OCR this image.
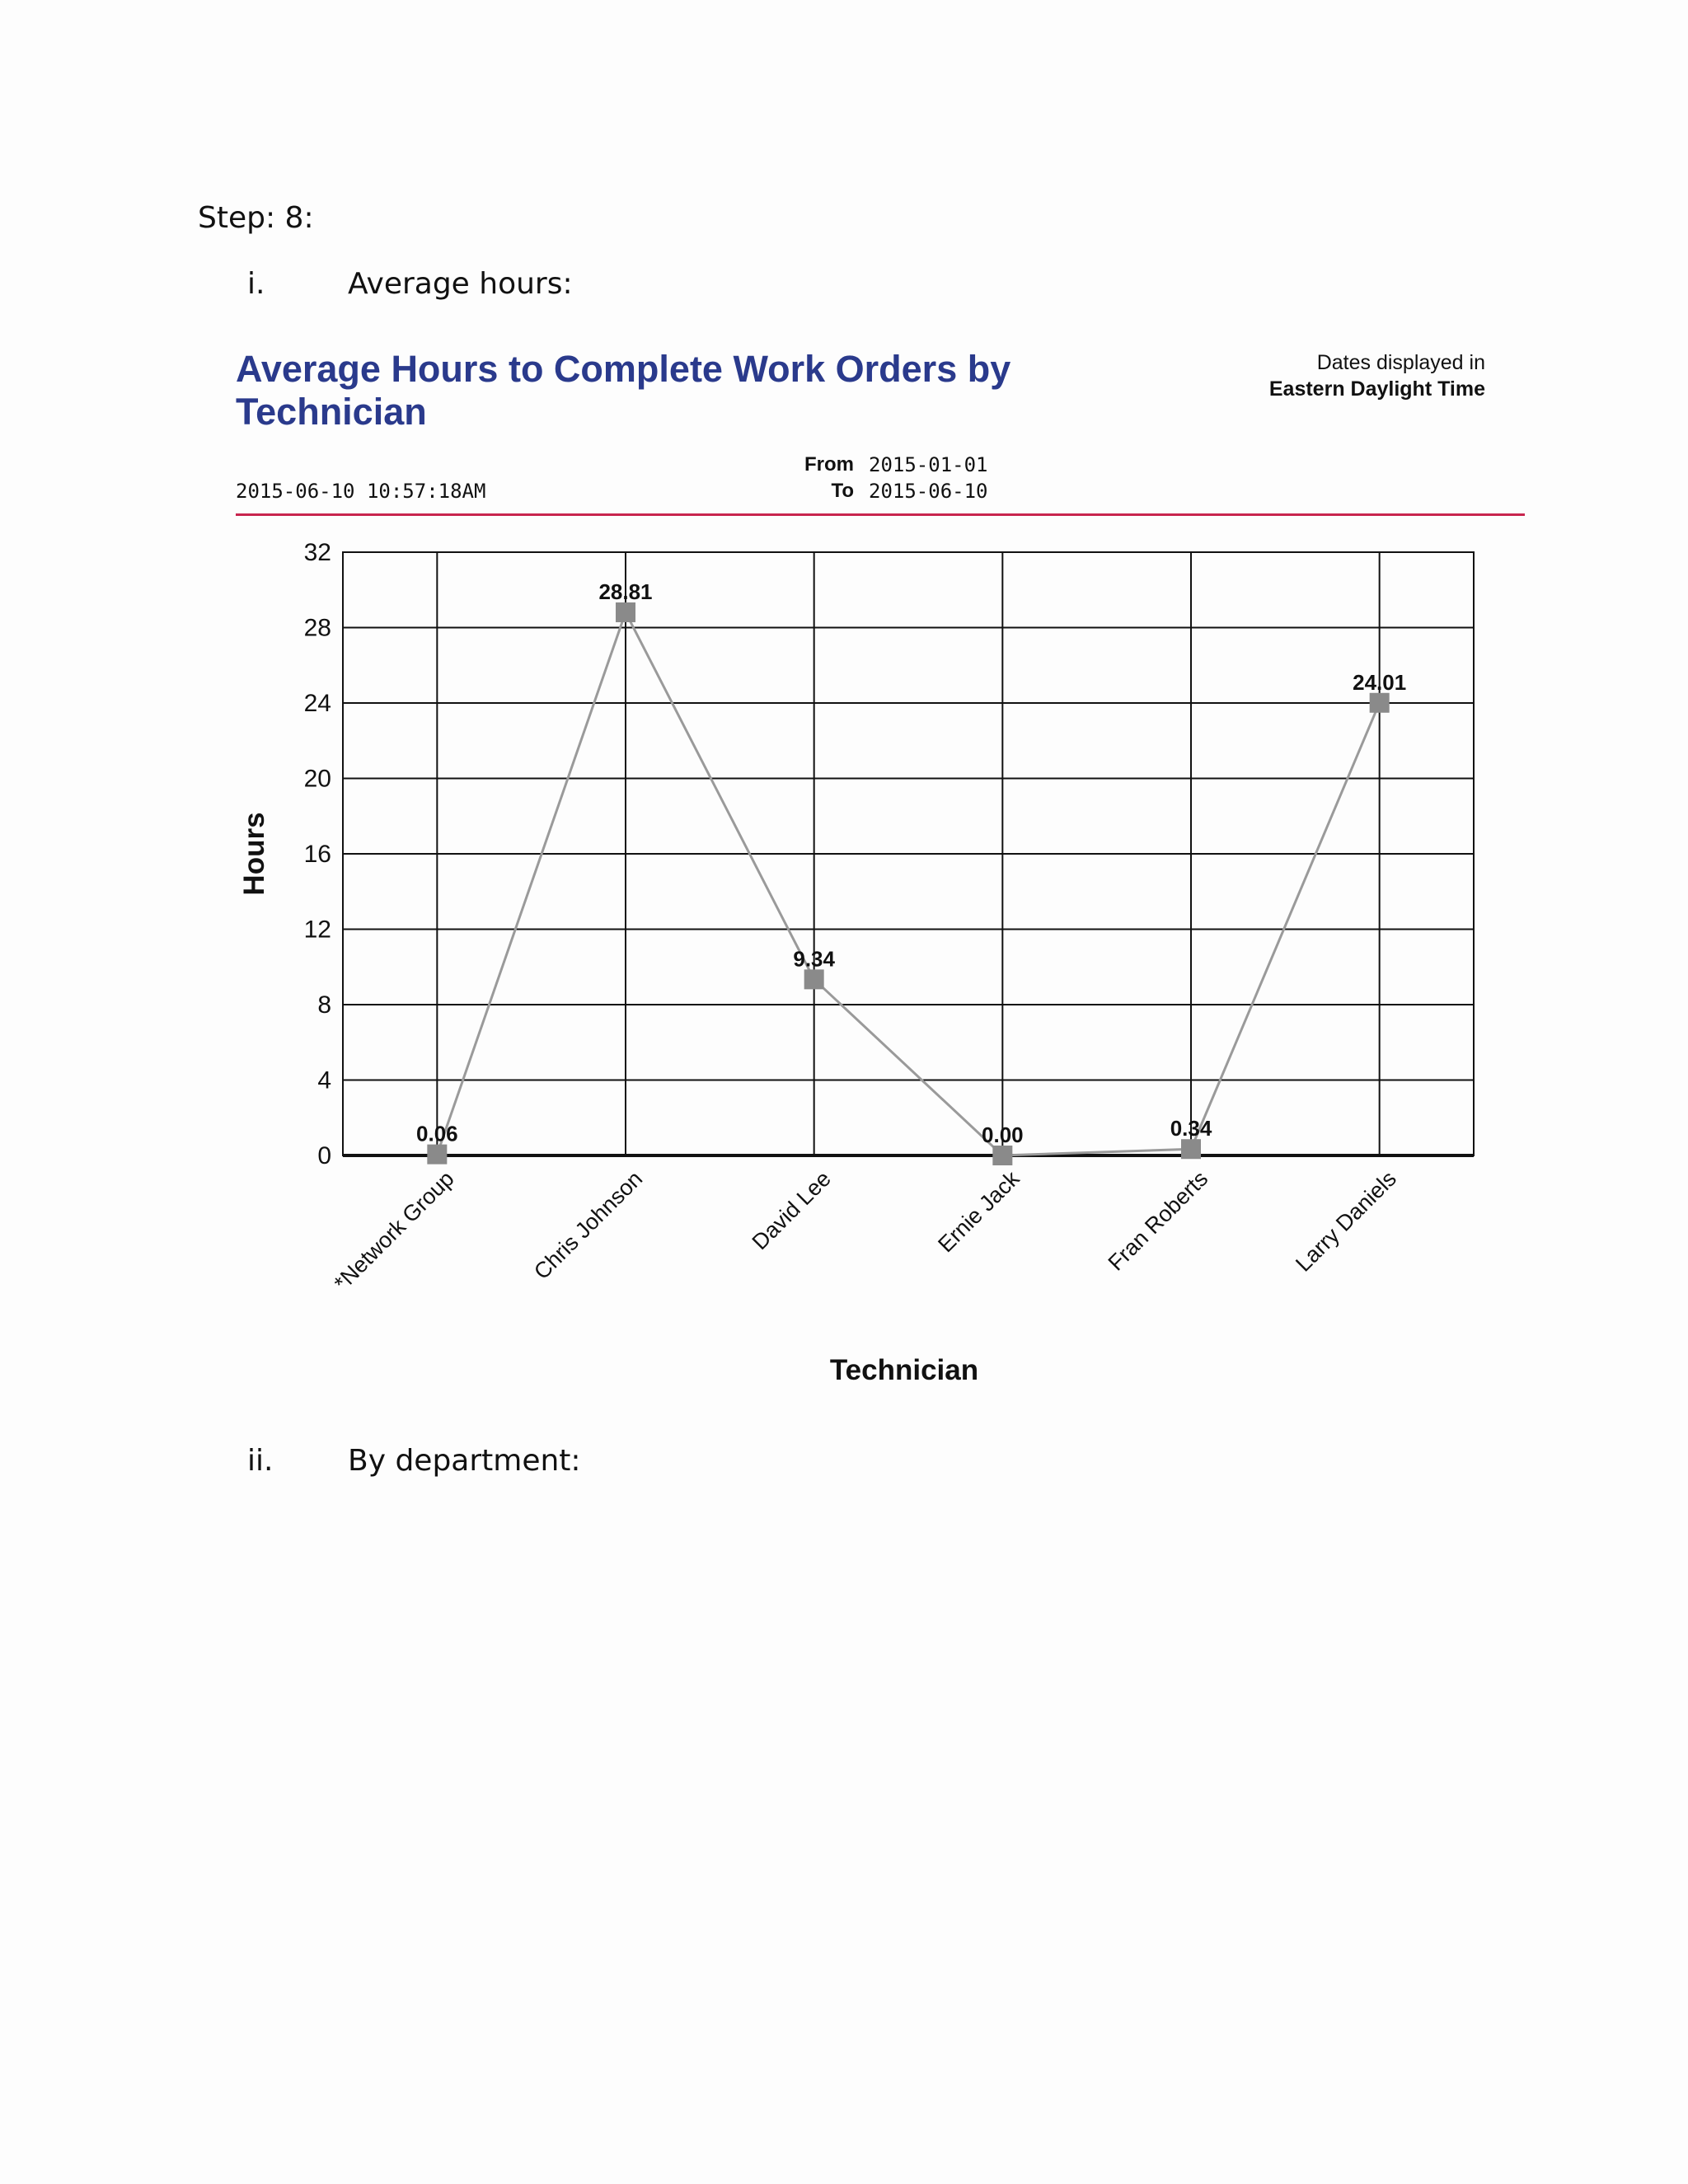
Step: 8:
i.	Average hours:
Average Hours to Complete Work Orders by
Technician
Dates displayed in
Eastern Daylight Time
2015-06-10 10:57:18AM
From 2015-01-01
To 2015-06-10
0
4
8
12
16
20
24
28
32
*Network Group	Chris Johnson	David Lee	Ernie Jack	Fran Roberts	Larry Daniels
0.06
28.81
9.34
0.00	0.34
24.01
Hours
Technician
ii.	By department:
